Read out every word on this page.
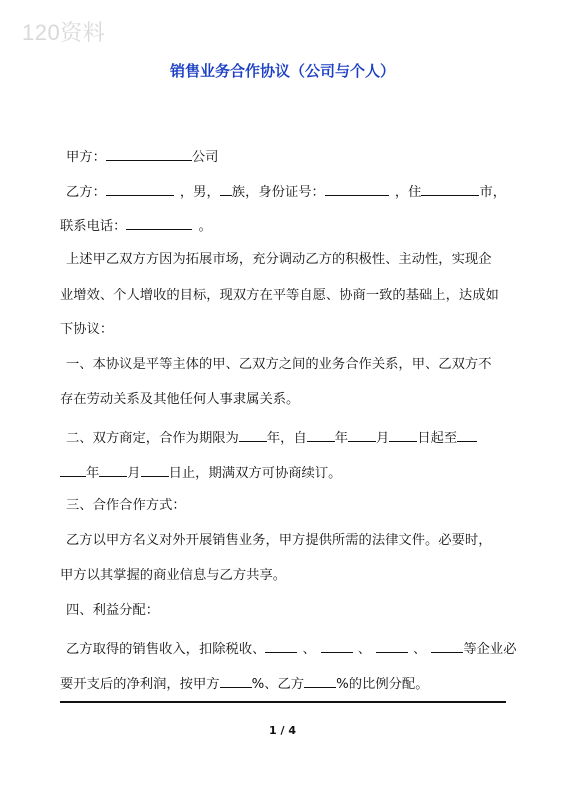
120资料
销售业务合作协议（公司与个人）
甲方：	公司
乙方：	，男， 族，身份证号：	，住	市，
联系电话：	。
上述甲乙双方方因为拓展市场，充分调动乙方的积极性、主动性，实现企
业增效、个人增收的目标，现双方在平等自愿、协商一致的基础上，达成如
下协议：
一、本协议是平等主体的甲、乙双方之间的业务合作关系，甲、乙双方不
存在劳动关系及其他任何人事隶属关系。
二、双方商定，合作为期限为 年，自 年 月 日起至
年 月 日止，期满双方可协商续订。
三、合作合作方式：
乙方以甲方名义对外开展销售业务，甲方提供所需的法律文件。必要时，
甲方以其掌握的商业信息与乙方共享。
四、利益分配：
乙方取得的销售收入，扣除税收、	、	、	、	等企业必
要开支后的净利润，按甲方 %、乙方 %的比例分配。
1 / 4
